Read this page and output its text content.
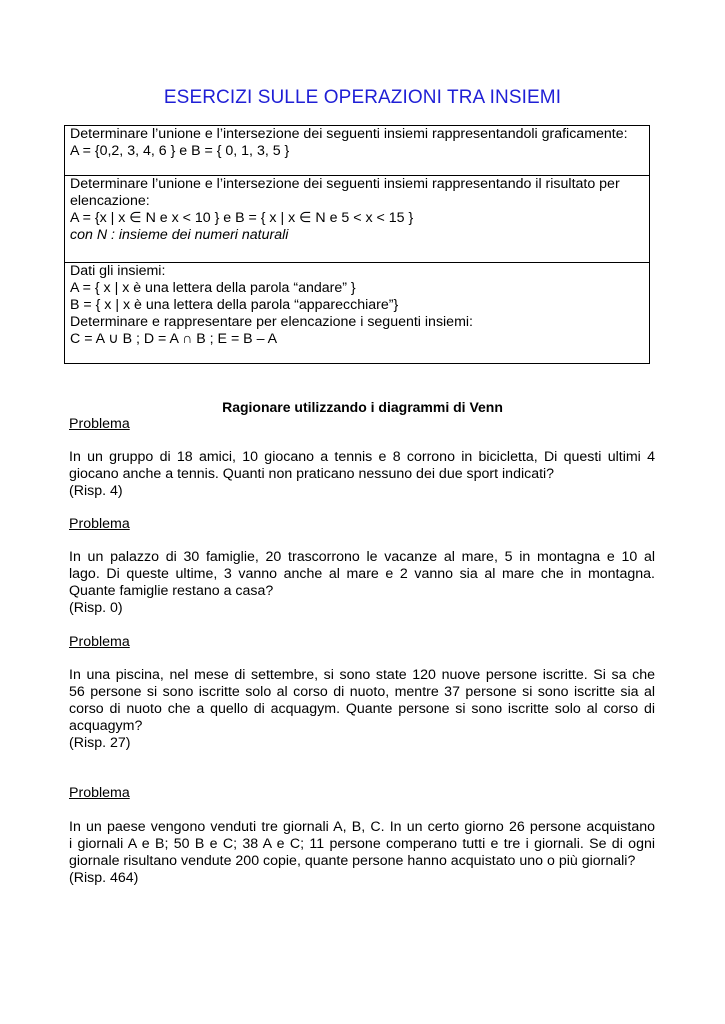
ESERCIZI SULLE OPERAZIONI TRA INSIEMI
Determinare l’unione e l’intersezione dei seguenti insiemi rappresentandoli graficamente:
A = {0,2, 3, 4, 6 } e B = { 0, 1, 3, 5 }
Determinare l’unione e l’intersezione dei seguenti insiemi rappresentando il risultato per
elencazione:
A = {x | x ∈ N e x < 10 } e B = { x | x ∈ N e 5 < x < 15 }
con N : insieme dei numeri naturali
Dati gli insiemi:
A = { x | x è una lettera della parola “andare” }
B = { x | x è una lettera della parola “apparecchiare”}
Determinare e rappresentare per elencazione i seguenti insiemi:
C = A ∪ B ; D = A ∩ B ; E = B – A
Ragionare utilizzando i diagrammi di Venn
Problema
In un gruppo di 18 amici, 10 giocano a tennis e 8 corrono in bicicletta, Di questi ultimi 4
giocano anche a tennis. Quanti non praticano nessuno dei due sport indicati?
(Risp. 4)
Problema
In un palazzo di 30 famiglie, 20 trascorrono le vacanze al mare, 5 in montagna e 10 al
lago. Di queste ultime, 3 vanno anche al mare e 2 vanno sia al mare che in montagna.
Quante famiglie restano a casa?
(Risp. 0)
Problema
In una piscina, nel mese di settembre, si sono state 120 nuove persone iscritte. Si sa che
56 persone si sono iscritte solo al corso di nuoto, mentre 37 persone si sono iscritte sia al
corso di nuoto che a quello di acquagym. Quante persone si sono iscritte solo al corso di
acquagym?
(Risp. 27)
Problema
In un paese vengono venduti tre giornali A, B, C. In un certo giorno 26 persone acquistano
i giornali A e B; 50 B e C; 38 A e C; 11 persone comperano tutti e tre i giornali. Se di ogni
giornale risultano vendute 200 copie, quante persone hanno acquistato uno o più giornali?
(Risp. 464)
